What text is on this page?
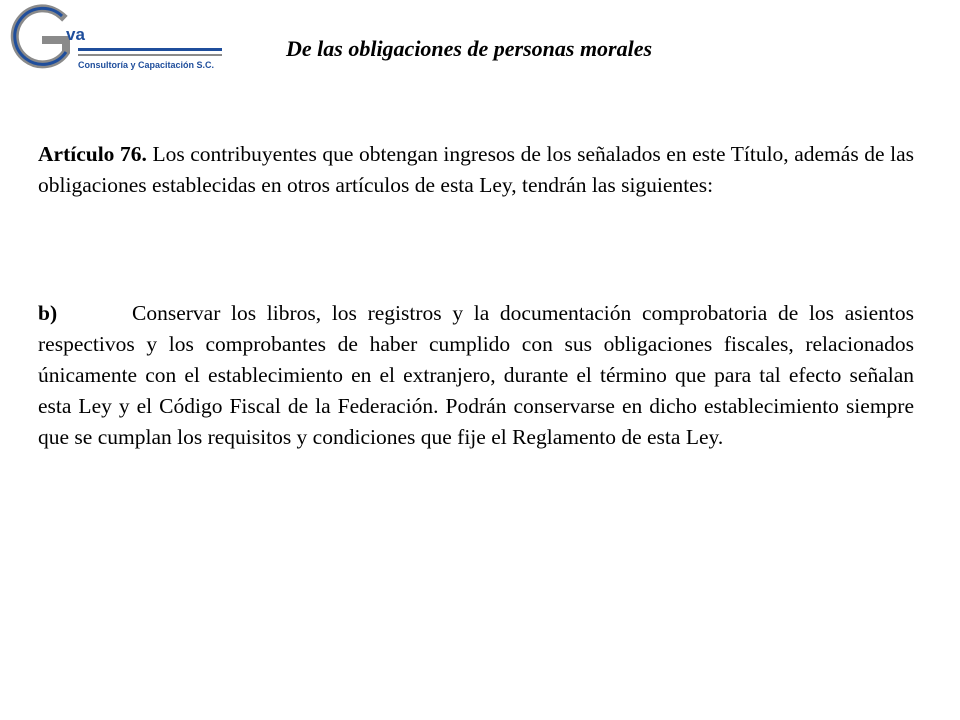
va
Consultoría y Capacitación S.C.
De las obligaciones de personas morales

Artículo 76. Los contribuyentes que obtengan ingresos de los señalados en este Título, además de las obligaciones establecidas en otros artículos de esta Ley, tendrán las siguientes:

b)	Conservar los libros, los registros y la documentación comprobatoria de los asientos respectivos y los comprobantes de haber cumplido con sus obligaciones fiscales, relacionados únicamente con el establecimiento en el extranjero, durante el término que para tal efecto señalan esta Ley y el Código Fiscal de la Federación. Podrán conservarse en dicho establecimiento siempre que se cumplan los requisitos y condiciones que fije el Reglamento de esta Ley.
